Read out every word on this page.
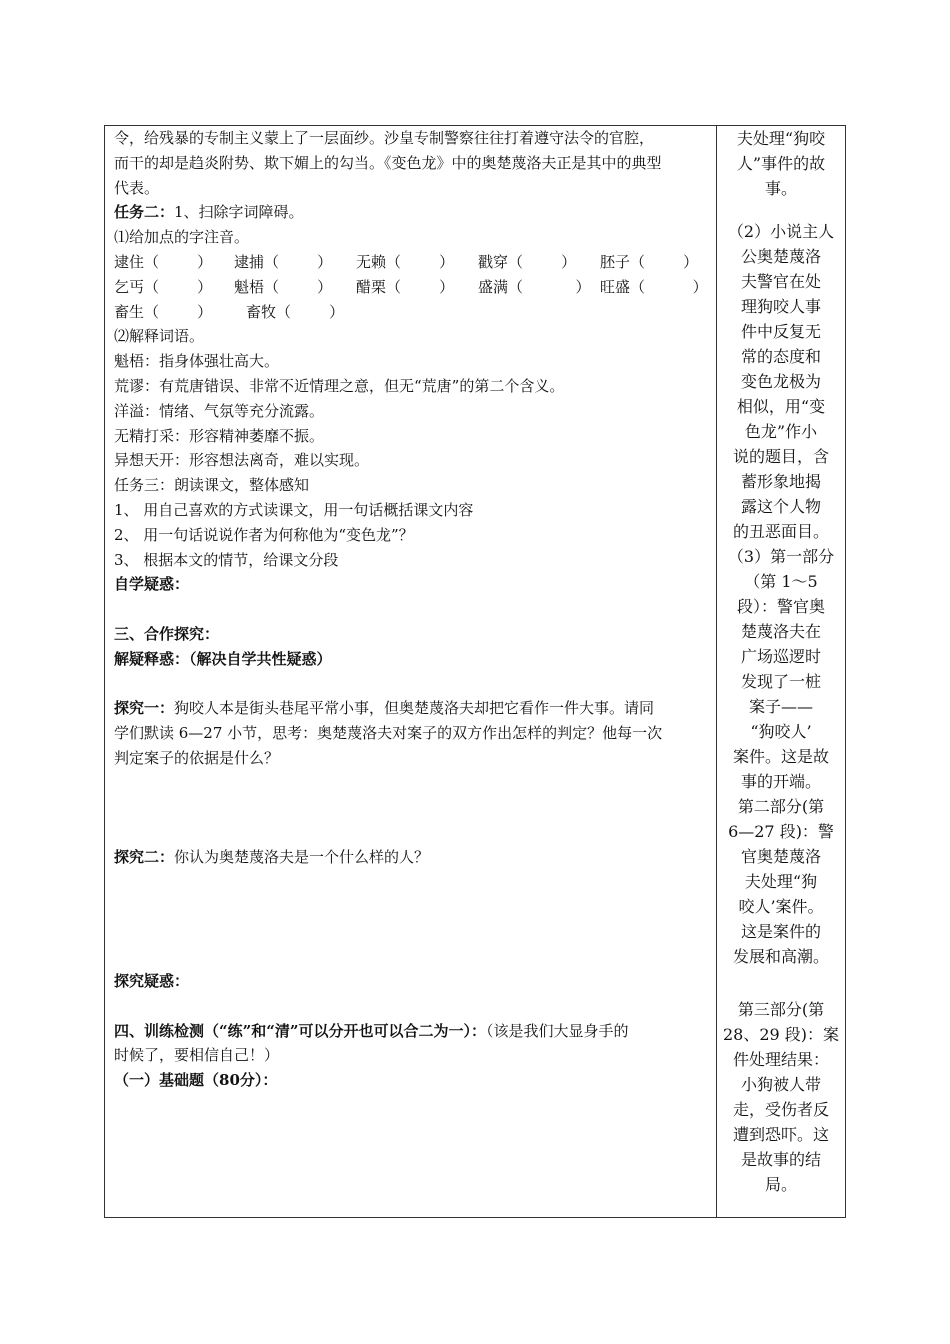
令，给残暴的专制主义蒙上了一层面纱。沙皇专制警察往往打着遵守法令的官腔，

而干的却是趋炎附势、欺下媚上的勾当。《变色龙》中的奥楚蔑洛夫正是其中的典型

代表。

任务二：1、扫除字词障碍。

⑴给加点的字注音。

逮住（        ）	逮捕（        ）	无赖（        ）	戳穿（        ）	胚子（        ）
乞丐（        ）	魁梧（        ）	醋栗（        ）	盛满（           ） 旺盛（          ）
畜生（        ）	畜牧（        ）

⑵解释词语。

魁梧：指身体强壮高大。

荒谬：有荒唐错误、非常不近情理之意，但无“荒唐”的第二个含义。

洋溢：情绪、气氛等充分流露。

无精打采：形容精神萎靡不振。

异想天开：形容想法离奇，难以实现。

任务三：朗读课文，整体感知

1、 用自己喜欢的方式读课文，用一句话概括课文内容

2、 用一句话说说作者为何称他为“变色龙”？

3、 根据本文的情节，给课文分段

自学疑惑：

三、合作探究：

解疑释惑：（解决自学共性疑惑）

探究一：狗咬人本是街头巷尾平常小事，但奥楚蔑洛夫却把它看作一件大事。请同

学们默读 6—27 小节，思考：奥楚蔑洛夫对案子的双方作出怎样的判定？他每一次

判定案子的依据是什么？

探究二：你认为奥楚蔑洛夫是一个什么样的人？

探究疑惑：

四、训练检测（“练”和“清”可以分开也可以合二为一）：（该是我们大显身手的

时候了，要相信自己！）

（一）基础题（80分）：

夫处理“狗咬

人”事件的故

事。

（2）小说主人

公奥楚蔑洛

夫警官在处

理狗咬人事

件中反复无

常的态度和

变色龙极为

相似，用“变

色龙”作小

说的题目，含

蓄形象地揭

露这个人物

的丑恶面目。

（3）第一部分

（第 1～5

段）：警官奥

楚蔑洛夫在

广场巡逻时

发现了一桩

案子——

“狗咬人’

案件。这是故

事的开端。

第二部分(第

6—27 段)：警

官奥楚蔑洛

夫处理“狗

咬人’案件。

这是案件的

发展和高潮。

第三部分(第

28、29 段)：案

件处理结果：

小狗被人带

走，受伤者反

遭到恐吓。这

是故事的结

局。
